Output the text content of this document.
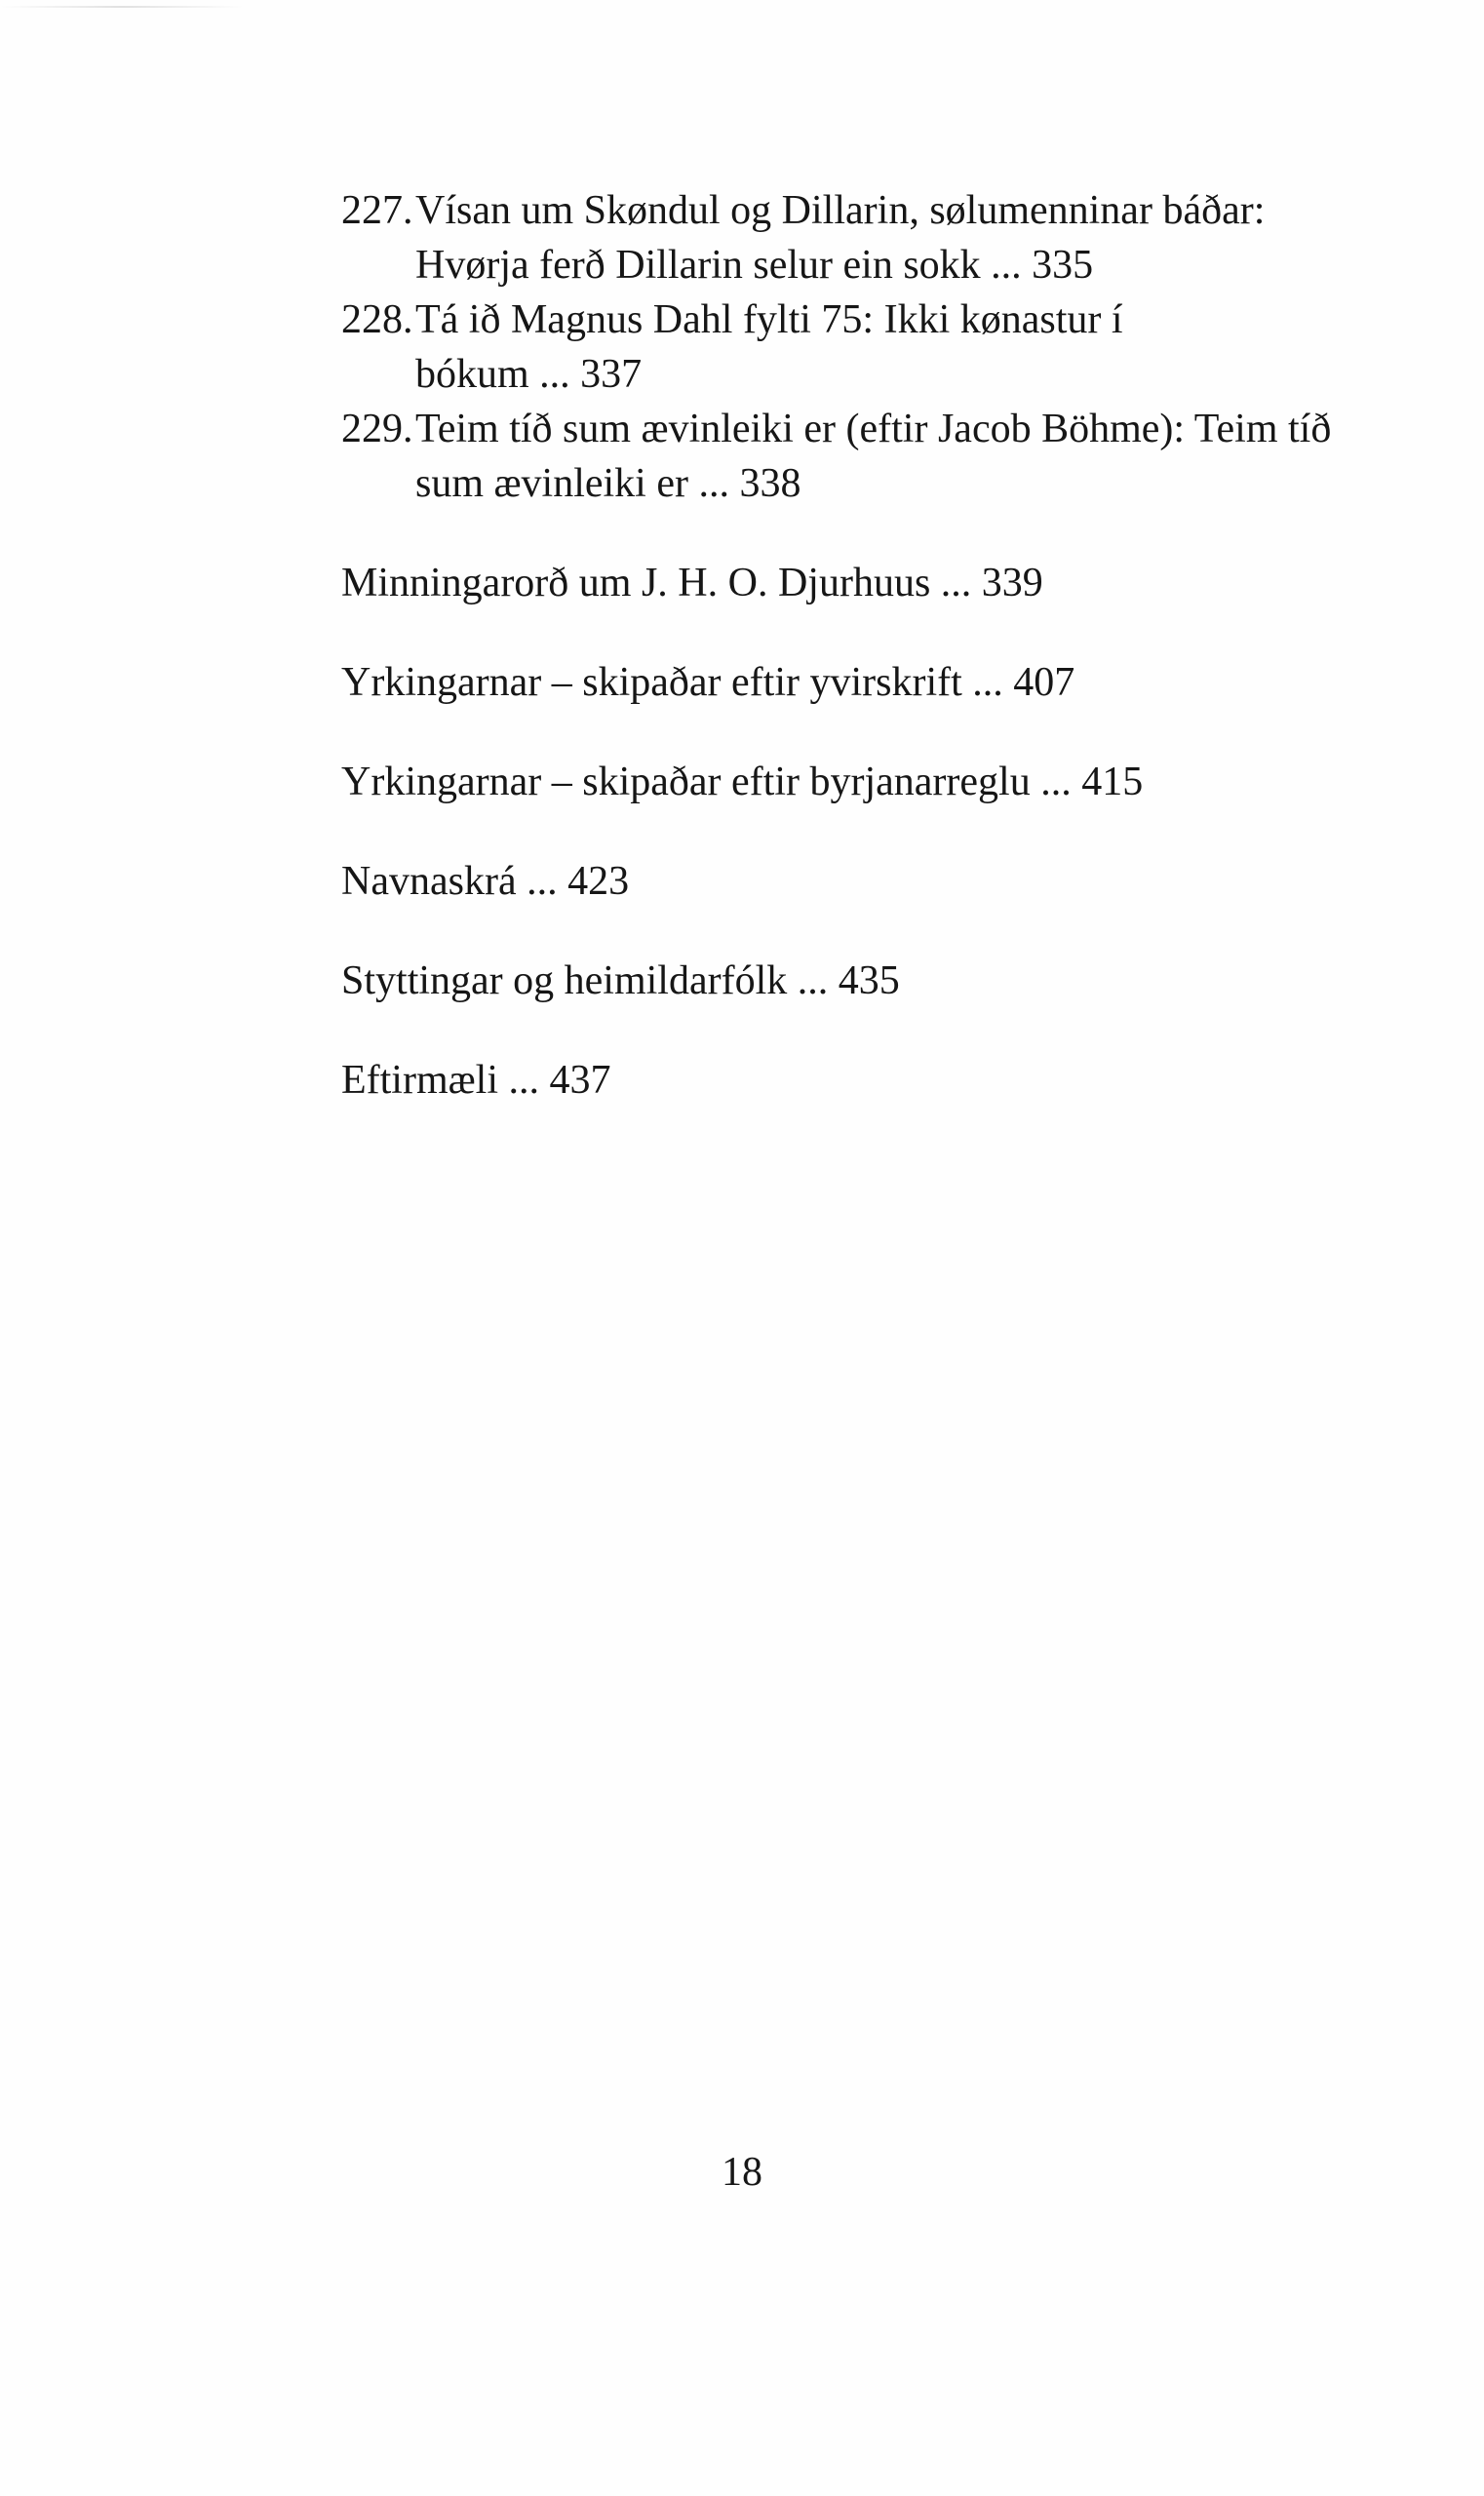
227.Vísan um Skøndul og Dillarin, sølumenninar báðar:
Hvørja ferð Dillarin selur ein sokk ... 335
228.Tá ið Magnus Dahl fylti 75: Ikki kønastur í
bókum ... 337
229.Teim tíð sum ævinleiki er (eftir Jacob Böhme): Teim tíð
sum ævinleiki er ... 338
Minningarorð um J. H. O. Djurhuus ... 339
Yrkingarnar – skipaðar eftir yvirskrift ... 407
Yrkingarnar – skipaðar eftir byrjanarreglu ... 415
Navnaskrá ... 423
Styttingar og heimildarfólk ... 435
Eftirmæli ... 437
18
